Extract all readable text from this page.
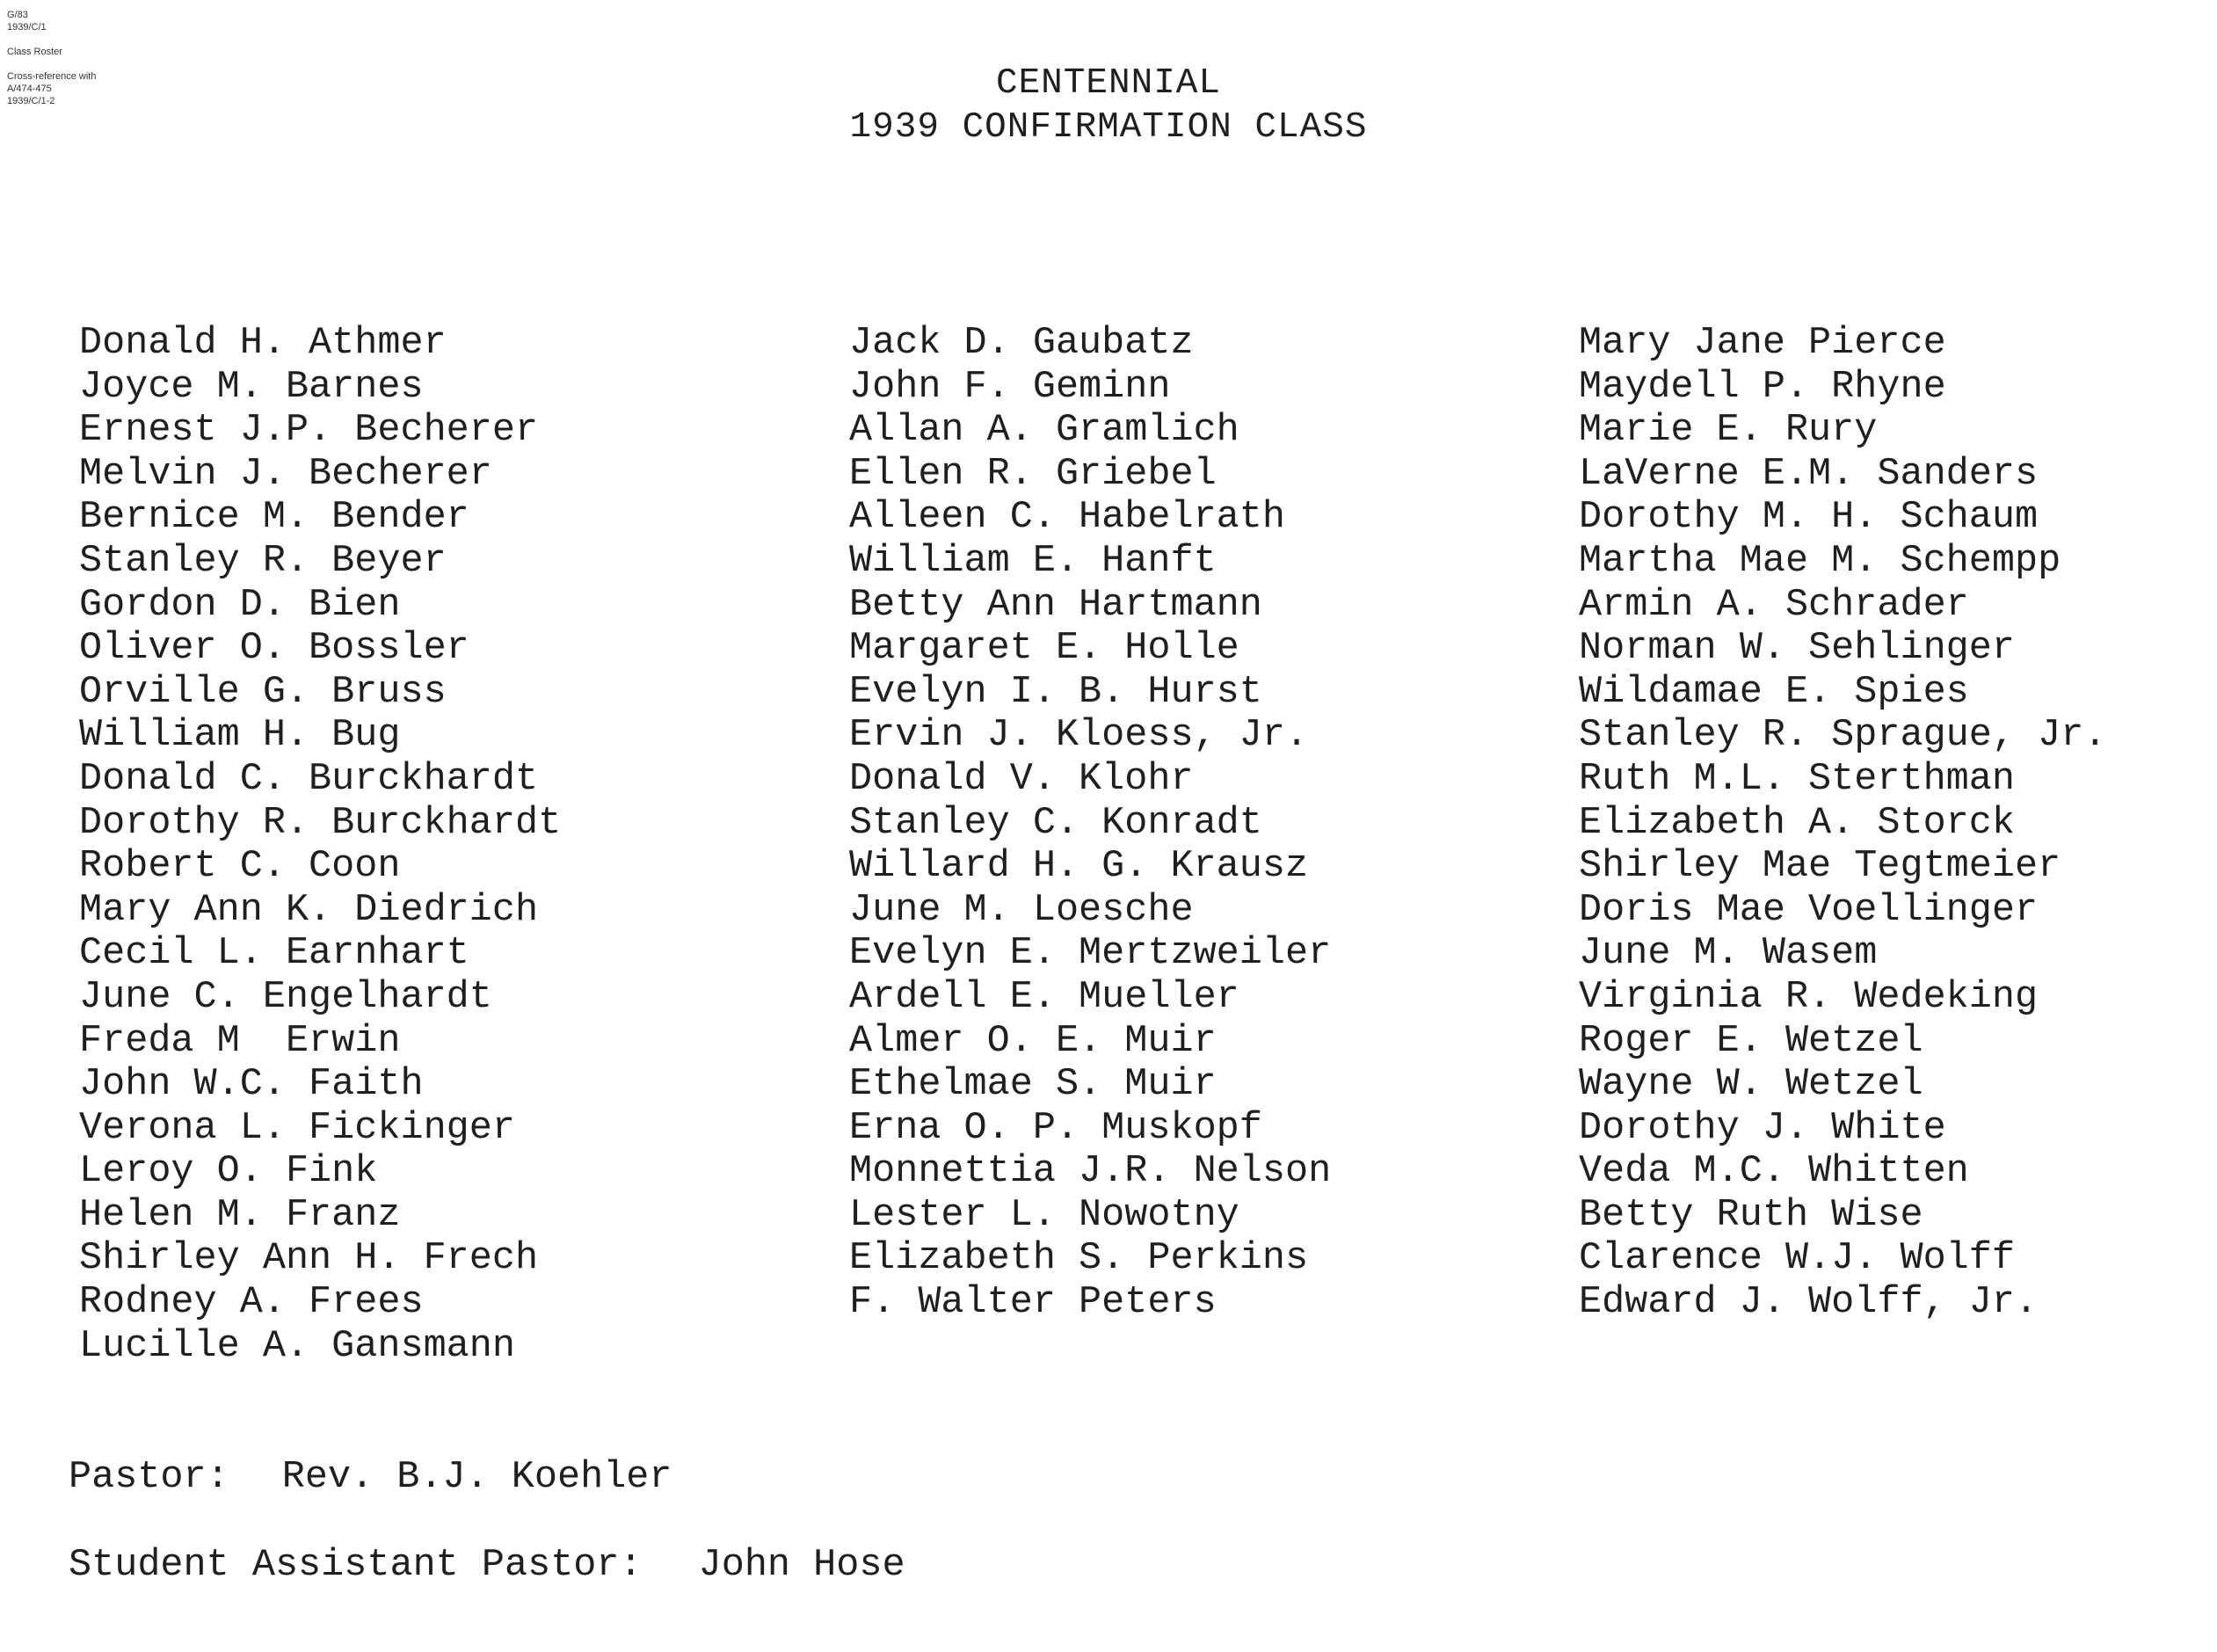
G/83
1939/C/1
Class Roster
Cross-reference with
A/474-475
1939/C/1-2	CENTENNIAL
1939 CONFIRMATION CLASS
Donald H. Athmer
Joyce M. Barnes
Ernest J.P. Becherer
Melvin J. Becherer
Bernice M. Bender
Stanley R. Beyer
Gordon D. Bien
Oliver O. Bossler
Orville G. Bruss
William H. Bug
Donald C. Burckhardt
Dorothy R. Burckhardt
Robert C. Coon
Mary Ann K. Diedrich
Cecil L. Earnhart
June C. Engelhardt
Freda M  Erwin
John W.C. Faith
Verona L. Fickinger
Leroy O. Fink
Helen M. Franz
Shirley Ann H. Frech
Rodney A. Frees
Lucille A. Gansmann
Jack D. Gaubatz
John F. Geminn
Allan A. Gramlich
Ellen R. Griebel
Alleen C. Habelrath
William E. Hanft
Betty Ann Hartmann
Margaret E. Holle
Evelyn I. B. Hurst
Ervin J. Kloess, Jr.
Donald V. Klohr
Stanley C. Konradt
Willard H. G. Krausz
June M. Loesche
Evelyn E. Mertzweiler
Ardell E. Mueller
Almer O. E. Muir
Ethelmae S. Muir
Erna O. P. Muskopf
Monnettia J.R. Nelson
Lester L. Nowotny
Elizabeth S. Perkins
F. Walter Peters
Mary Jane Pierce
Maydell P. Rhyne
Marie E. Rury
LaVerne E.M. Sanders
Dorothy M. H. Schaum
Martha Mae M. Schempp
Armin A. Schrader
Norman W. Sehlinger
Wildamae E. Spies
Stanley R. Sprague, Jr.
Ruth M.L. Sterthman
Elizabeth A. Storck
Shirley Mae Tegtmeier
Doris Mae Voellinger
June M. Wasem
Virginia R. Wedeking
Roger E. Wetzel
Wayne W. Wetzel
Dorothy J. White
Veda M.C. Whitten
Betty Ruth Wise
Clarence W.J. Wolff
Edward J. Wolff, Jr.
Pastor: Rev. B.J. Koehler
Student Assistant Pastor: John Hose
